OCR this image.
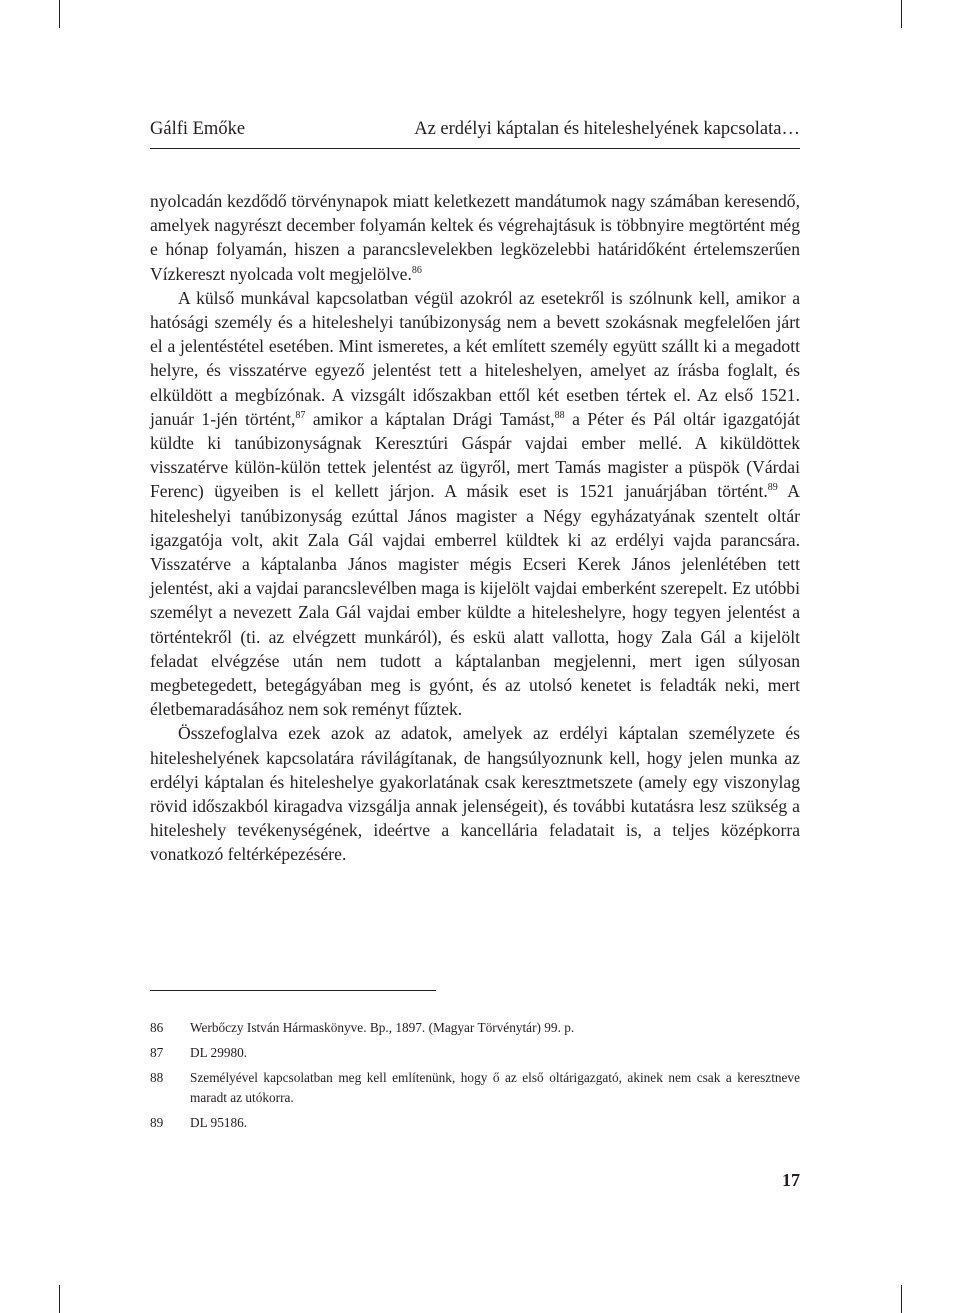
Gálfi Emőke	Az erdélyi káptalan és hiteleshelyének kapcsolata…

nyolcadán kezdődő törvénynapok miatt keletkezett mandátumok nagy számában keresendő, amelyek nagyrészt december folyamán keltek és végrehajtásuk is többnyire megtörtént még e hónap folyamán, hiszen a parancslevelekben legközelebbi határidőként értelemszerűen Vízkereszt nyolcada volt megjelölve.$^{86}$

A külső munkával kapcsolatban végül azokról az esetekről is szólnunk kell, amikor a hatósági személy és a hiteleshelyi tanúbizonyság nem a bevett szokásnak megfelelően járt el a jelentéstétel esetében. Mint ismeretes, a két említett személy együtt szállt ki a megadott helyre, és visszatérve egyező jelentést tett a hiteleshelyen, amelyet az írásba foglalt, és elküldött a megbízónak. A vizsgált időszakban ettől két esetben tértek el. Az első 1521. január 1-jén történt,$^{87}$ amikor a káptalan Drági Tamást,$^{88}$ a Péter és Pál oltár igazgatóját küldte ki tanúbizonyságnak Keresztúri Gáspár vajdai ember mellé. A kiküldöttek visszatérve külön-külön tettek jelentést az ügyről, mert Tamás magister a püspök (Várdai Ferenc) ügyeiben is el kellett járjon. A másik eset is 1521 januárjában történt.$^{89}$ A hiteleshelyi tanúbizonyság ezúttal János magister a Négy egyházatyának szentelt oltár igazgatója volt, akit Zala Gál vajdai emberrel küldtek ki az erdélyi vajda parancsára. Visszatérve a káptalanba János magister mégis Ecseri Kerek János jelenlétében tett jelentést, aki a vajdai parancslevélben maga is kijelölt vajdai emberként szerepelt. Ez utóbbi személyt a nevezett Zala Gál vajdai ember küldte a hiteleshelyre, hogy tegyen jelentést a történtekről (ti. az elvégzett munkáról), és eskü alatt vallotta, hogy Zala Gál a kijelölt feladat elvégzése után nem tudott a káptalanban megjelenni, mert igen súlyosan megbetegedett, betegágyában meg is gyónt, és az utolsó kenetet is feladták neki, mert életbemaradásához nem sok reményt fűztek.

Összefoglalva ezek azok az adatok, amelyek az erdélyi káptalan személyzete és hiteleshelyének kapcsolatára rávilágítanak, de hangsúlyoznunk kell, hogy jelen munka az erdélyi káptalan és hiteleshelye gyakorlatának csak keresztmetszete (amely egy viszonylag rövid időszakból kiragadva vizsgálja annak jelenségeit), és további kutatásra lesz szükség a hiteleshely tevékenységének, ideértve a kancellária feladatait is, a teljes középkorra vonatkozó feltérképezésére.

86 Werbőczy István Hármaskönyve. Bp., 1897. (Magyar Törvénytár) 99. p.
87 DL 29980.
88 Személyével kapcsolatban meg kell említenünk, hogy ő az első oltárigazgató, akinek nem csak a keresztneve maradt az utókorra.
89 DL 95186.
17
